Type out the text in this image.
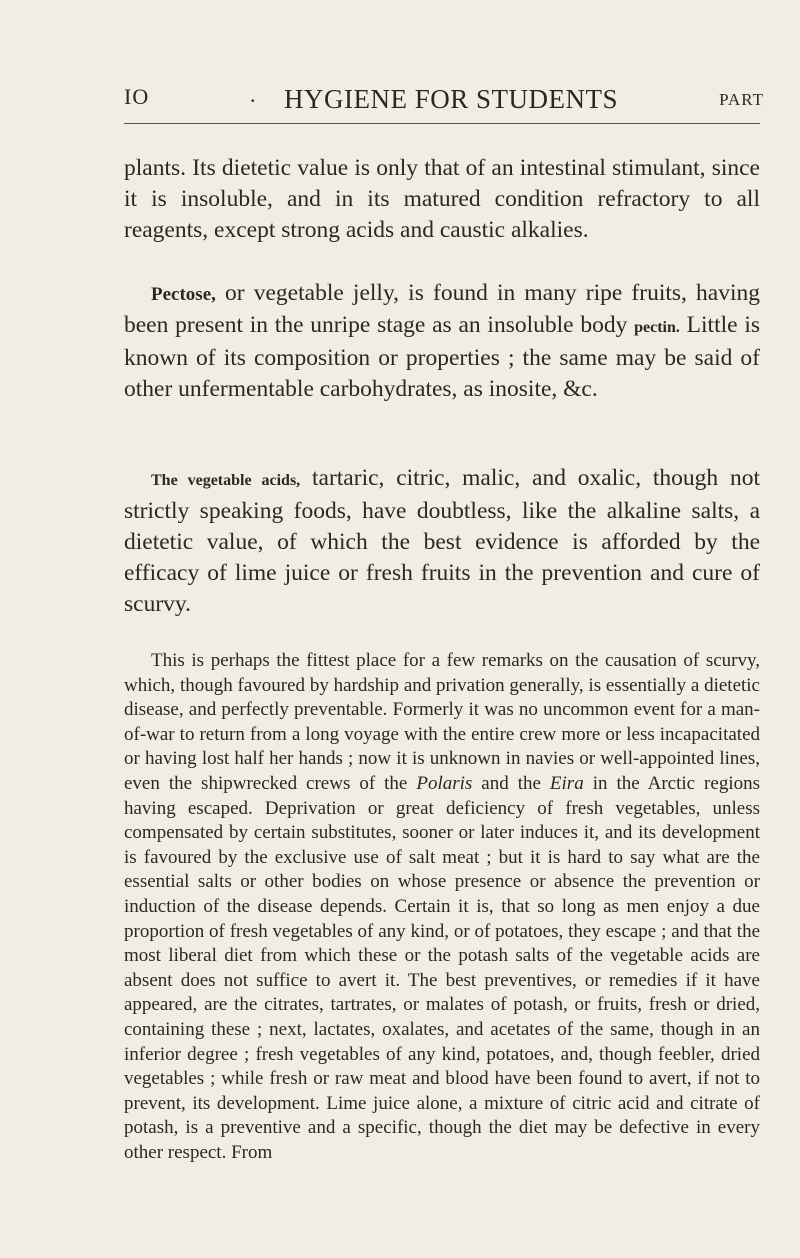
IO	. HYGIENE FOR STUDENTS	PART

plants. Its dietetic value is only that of an intestinal stimulant, since it is insoluble, and in its matured condition refractory to all reagents, except strong acids and caustic alkalies.

Pectose, or vegetable jelly, is found in many ripe fruits, having been present in the unripe stage as an insoluble body pectin. Little is known of its composition or properties ; the same may be said of other unfermentable carbohydrates, as inosite, &c.

The vegetable acids, tartaric, citric, malic, and oxalic, though not strictly speaking foods, have doubtless, like the alkaline salts, a dietetic value, of which the best evidence is afforded by the efficacy of lime juice or fresh fruits in the prevention and cure of scurvy.

This is perhaps the fittest place for a few remarks on the causation of scurvy, which, though favoured by hardship and privation generally, is essentially a dietetic disease, and perfectly preventable. Formerly it was no uncommon event for a man-of-war to return from a long voyage with the entire crew more or less incapacitated or having lost half her hands ; now it is unknown in navies or well-appointed lines, even the shipwrecked crews of the Polaris and the Eira in the Arctic regions having escaped. Deprivation or great deficiency of fresh vegetables, unless compensated by certain substitutes, sooner or later induces it, and its development is favoured by the exclusive use of salt meat ; but it is hard to say what are the essential salts or other bodies on whose presence or absence the prevention or induction of the disease depends. Certain it is, that so long as men enjoy a due proportion of fresh vegetables of any kind, or of potatoes, they escape ; and that the most liberal diet from which these or the potash salts of the vegetable acids are absent does not suffice to avert it. The best preventives, or remedies if it have appeared, are the citrates, tartrates, or malates of potash, or fruits, fresh or dried, containing these ; next, lactates, oxalates, and acetates of the same, though in an inferior degree ; fresh vegetables of any kind, potatoes, and, though feebler, dried vegetables ; while fresh or raw meat and blood have been found to avert, if not to prevent, its development. Lime juice alone, a mixture of citric acid and citrate of potash, is a preventive and a specific, though the diet may be defective in every other respect. From
